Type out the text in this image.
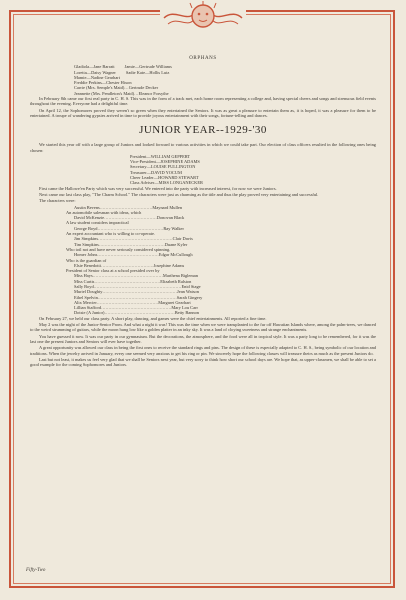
ORPHANS
Gladiola—Jane Barratt Jamie—Gertrude Williams
Loretta—Daisy Wagner Sadie Kate—Hollis Lutz
Mamie—Nadine Gearhart
Freddie Perkins—Chester Hixon
Carrie (Mrs. Semple's Maid)…Gertrude Decker
Jeannette (Mrs. Pendleton's Maid)…Eleanor Forsythe

In February 8th came our first real party in C. H. S. This was in the form of a track met, each home room representing a college and, having special cheers and songs and strenuous field events throughout the evening. Everyone had a delightful time.

On April 12, the Sophomores proved they weren't so green when they entertained the Seniors. It was as great a pleasure to entertain them as, it is hoped, it was a pleasure for them to be entertained. A troupe of wandering gypsies arrived in time to provide joyous entertainment with their songs, fortune-telling and dances.

JUNIOR YEAR--1929-'30

We started this year off with a large group of Juniors and looked forward to various activities in which we could take part. Our election of class officers resulted in the following ones being chosen:

President—WILLIAM GEPPERT
Vice-President—JOSEPHINE ADAMS
Secretary—LOUISE FULLINGTON
Treasurer—DAVID YOCUM
Cheer Leader—HOWARD STEWART
Class Adviser—MISS LONGANECKER

First came the Hallowe'en Party which was very successful. We entered into the party with increased interest, for now we were Juniors.

Next came our last class play, "The Charm School." The characters were just as charming as the title and thus the play proved very entertaining and successful.

The characters were:

Austin Bevens………………………………Maynard Mullen
An automobile salesman with ideas, which
David McKenzie………………………………Donovan Black
A law student considers impractical
George Boyd………………………………………Ray Walker
An expert accountant who is willing to co-operate.
Jim Simpkins……………………………………………Clair Davis
Tim Simpkins………………………………………Duane Kyler
Who toil not and have never seriously considered spinning.
Homer Johns……………………………………Edgar McCullough
Who is the guardian of
Elsie Benedotti………………………………Josephine Adams
President of Senior class at a school presided over by
Miss Hays…………………………………………Marthena Bigleman
Miss Curtis………………………………………Elizabeth Ralston
Sally Boyd……………………………………………………Enid Stage
Muriel Doughty……………………………………………Jean Watson
Ethel Spelvin………………………………………………Sarah Gingery
Alix Mercier……………………………………Margaret Gearhart
Lillian Stafford…………………………………………Mary Lou Carr
Dotsie (A Junior)…………………………………………Betty Bannon

On February 27, we held our class party. A short play, dancing, and games were the chief entertainments. All reported a fine time.

May 2 was the night of the Junior-Senior Prom. And what a night it was! This was the time when we were transplanted to the fur off Hawaiian Islands where, among the palm-trees, we danced to the weird strumming of guitars, while the moon hung low like a golden platter in an inky sky. It was a land of cloying sweetness and strange enchantments.

You have guessed it now. It was our party in our gymnasium. But the decorations, the atmosphere, and the food were all in tropical style. It was a party long to be remembered, for it was the last one the present Juniors and Seniors will ever have together.

A great opportunity was allowed our class in being the first ones to receive the standard rings and pins. The design of these is especially adapted to C. H. S., being symbolic of our location and traditions. When the jewelry arrived in January, every one seemed very anxious to get his ring or pin. We sincerely hope the following classes will treasure theirs as much as the present Juniors do.

Last but not least, it makes us feel very glad that we shall be Seniors next year, but very sorry to think how short our school days are. We hope that, as upper-classmen, we shall be able to set a good example for the coming Sophomores and Juniors.

Fifty-Two
